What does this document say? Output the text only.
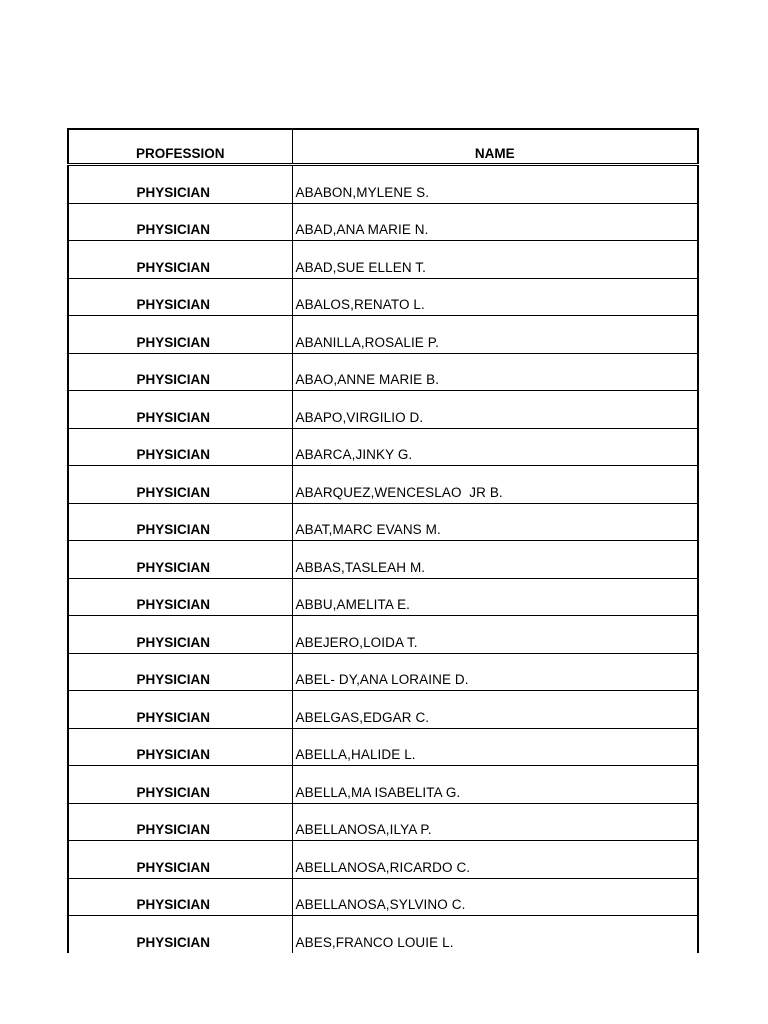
PROFESSION	NAME
PHYSICIAN	ABABON,MYLENE S.
PHYSICIAN	ABAD,ANA MARIE N.
PHYSICIAN	ABAD,SUE ELLEN T.
PHYSICIAN	ABALOS,RENATO L.
PHYSICIAN	ABANILLA,ROSALIE P.
PHYSICIAN	ABAO,ANNE MARIE B.
PHYSICIAN	ABAPO,VIRGILIO D.
PHYSICIAN	ABARCA,JINKY G.
PHYSICIAN	ABARQUEZ,WENCESLAO  JR B.
PHYSICIAN	ABAT,MARC EVANS M.
PHYSICIAN	ABBAS,TASLEAH M.
PHYSICIAN	ABBU,AMELITA E.
PHYSICIAN	ABEJERO,LOIDA T.
PHYSICIAN	ABEL- DY,ANA LORAINE D.
PHYSICIAN	ABELGAS,EDGAR C.
PHYSICIAN	ABELLA,HALIDE L.
PHYSICIAN	ABELLA,MA ISABELITA G.
PHYSICIAN	ABELLANOSA,ILYA P.
PHYSICIAN	ABELLANOSA,RICARDO C.
PHYSICIAN	ABELLANOSA,SYLVINO C.
PHYSICIAN	ABES,FRANCO LOUIE L.
